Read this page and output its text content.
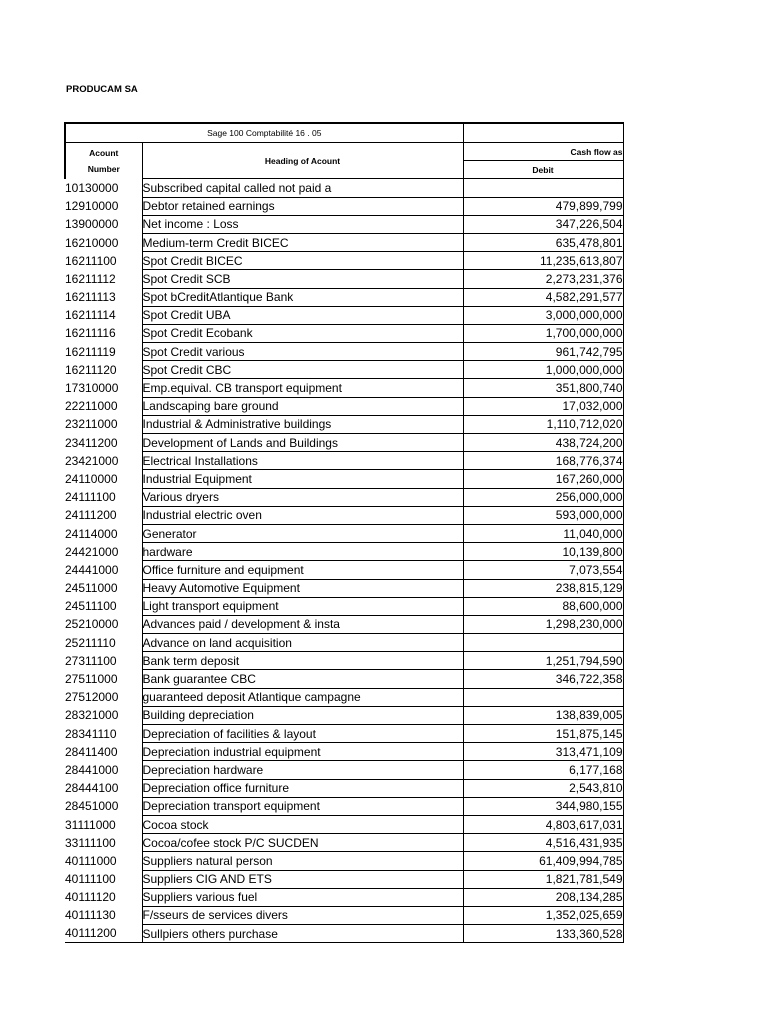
PRODUCAM SA
Sage 100 Comptabilité 16 . 05		
Acount
Number	Heading of Acount	Cash flow as
		Debit
10130000	Subscribed capital called not paid a	
12910000	Debtor retained earnings	479,899,799
13900000	Net income : Loss	347,226,504
16210000	Medium-term Credit BICEC	635,478,801
16211100	Spot Credit BICEC	11,235,613,807
16211112	Spot Credit SCB	2,273,231,376
16211113	Spot bCreditAtlantique Bank	4,582,291,577
16211114	Spot Credit UBA	3,000,000,000
16211116	Spot Credit Ecobank	1,700,000,000
16211119	Spot Credit various	961,742,795
16211120	Spot Credit CBC	1,000,000,000
17310000	Emp.equival. CB transport equipment	351,800,740
22211000	Landscaping bare ground	17,032,000
23211000	Industrial & Administrative buildings	1,110,712,020
23411200	Development of Lands and Buildings	438,724,200
23421000	Electrical Installations	168,776,374
24110000	Industrial Equipment	167,260,000
24111100	Various dryers	256,000,000
24111200	Industrial electric oven	593,000,000
24114000	Generator	11,040,000
24421000	hardware	10,139,800
24441000	Office furniture and equipment	7,073,554
24511000	Heavy Automotive Equipment	238,815,129
24511100	Light transport equipment	88,600,000
25210000	Advances paid / development & insta	1,298,230,000
25211110	Advance on land acquisition	
27311100	Bank term deposit	1,251,794,590
27511000	Bank guarantee CBC	346,722,358
27512000	guaranteed deposit Atlantique campagne	
28321000	Building depreciation	138,839,005
28341110	Depreciation of facilities & layout	151,875,145
28411400	Depreciation industrial equipment	313,471,109
28441000	Depreciation hardware	6,177,168
28444100	Depreciation office furniture	2,543,810
28451000	Depreciation transport equipment	344,980,155
31111000	Cocoa stock	4,803,617,031
33111100	Cocoa/cofee stock P/C SUCDEN	4,516,431,935
40111000	Suppliers natural person	61,409,994,785
40111100	Suppliers CIG AND ETS	1,821,781,549
40111120	Suppliers various fuel	208,134,285
40111130	F/sseurs de services divers	1,352,025,659
40111200	Sullpiers others purchase	133,360,528
